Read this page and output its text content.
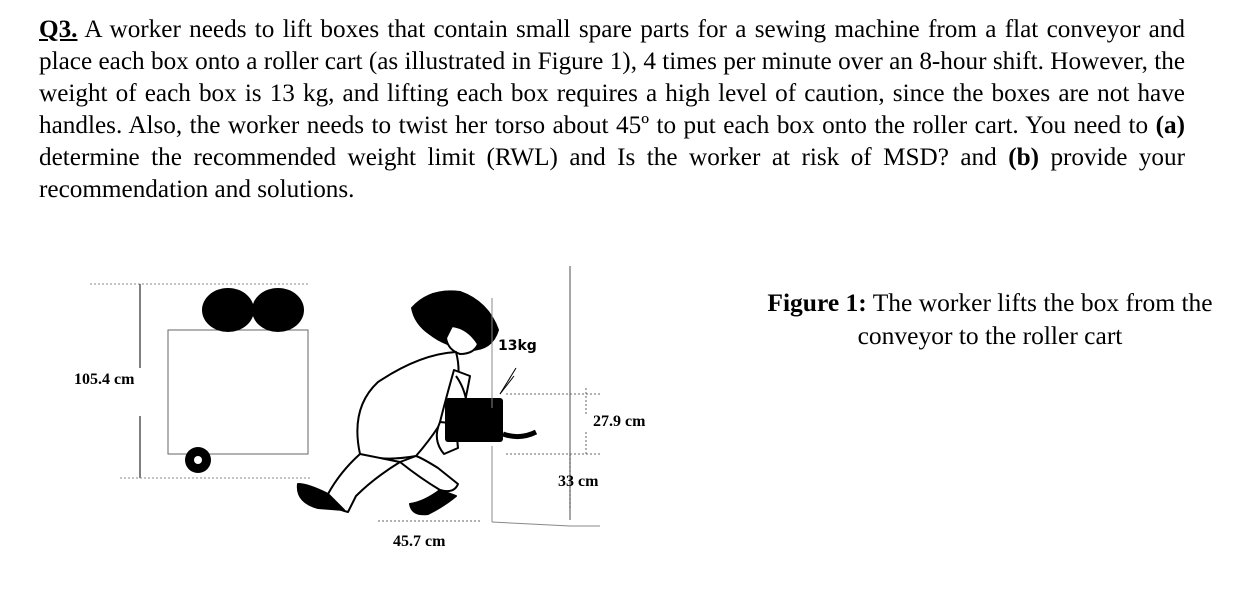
Q3. A worker needs to lift boxes that contain small spare parts for a sewing machine from a flat conveyor and place each box onto a roller cart (as illustrated in Figure 1), 4 times per minute over an 8-hour shift. However, the weight of each box is 13 kg, and lifting each box requires a high level of caution, since the boxes are not have handles. Also, the worker needs to twist her torso about 45º to put each box onto the roller cart. You need to (a) determine the recommended weight limit (RWL) and Is the worker at risk of MSD? and (b) provide your recommendation and solutions.

105.4 cm
13kg
27.9 cm
33 cm
45.7 cm

Figure 1: The worker lifts the box from the conveyor to the roller cart
